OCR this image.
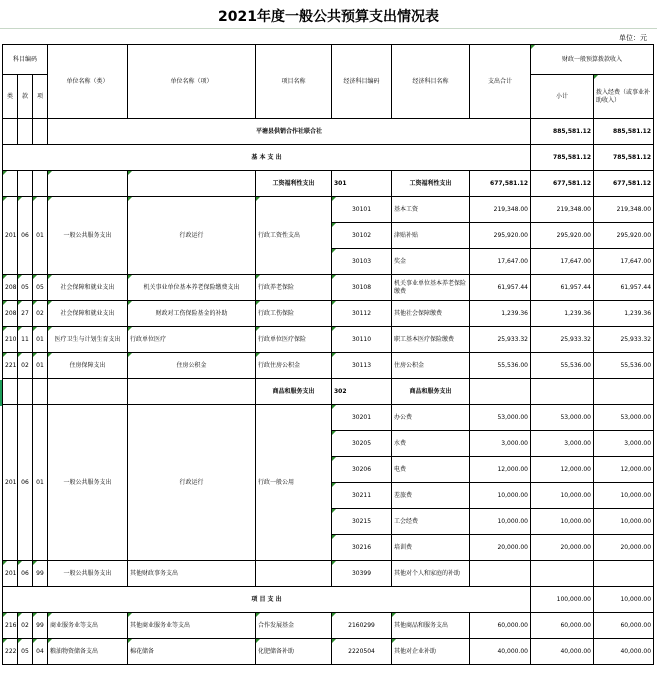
2021年度一般公共预算支出情况表
单位：元
科目编码			单位名称（类）	单位名称（项）	项目名称	经济科目编码	经济科目名称	支出合计	财政一般预算拨款收入		
类	款	项							小计	拨入经费（或事业补助收入）	
			平塘县供销合作社联合社						885,581.12	885,581.12	
基 本 支 出									785,581.12	785,581.12	
					工资福利性支出	301	工资福利性支出	677,581.12	677,581.12	677,581.12	
201	06	01	一般公共服务支出	行政运行	行政工资性支出	30101	基本工资	219,348.00	219,348.00	219,348.00	
						30102	津贴补贴	295,920.00	295,920.00	295,920.00	
						30103	奖金	17,647.00	17,647.00	17,647.00	
208	05	05	社会保障和就业支出	机关事业单位基本养老保险缴费支出	行政养老保险	30108	机关事业单位基本养老保险缴费	61,957.44	61,957.44	61,957.44	
208	27	02	社会保障和就业支出	财政对工伤保险基金的补助	行政工伤保险	30112	其他社会保障缴费	1,239.36	1,239.36	1,239.36	
210	11	01	医疗卫生与计划生育支出	行政单位医疗	行政单位医疗保险	30110	职工基本医疗保险缴费	25,933.32	25,933.32	25,933.32	
221	02	01	住房保障支出	住房公积金	行政住房公积金	30113	住房公积金	55,536.00	55,536.00	55,536.00	
					商品和服务支出	302	商品和服务支出				
201	06	01	一般公共服务支出	行政运行	行政一般公用	30201	办公费	53,000.00	53,000.00	53,000.00	
						30205	水费	3,000.00	3,000.00	3,000.00	
						30206	电费	12,000.00	12,000.00	12,000.00	
						30211	差旅费	10,000.00	10,000.00	10,000.00	
						30215	工会经费	10,000.00	10,000.00	10,000.00	
						30216	培训费	20,000.00	20,000.00	20,000.00	
201	06	99	一般公共服务支出	其他财政事务支出		30399	其他对个人和家庭的补助				
项 目 支 出									100,000.00	10,000.00	
216	02	99	商业服务业等支出	其他商业服务业等支出	合作发展基金	2160299	其他商品和服务支出	60,000.00	60,000.00	60,000.00	
222	05	04	粮油物资储备支出	棉花储备	化肥储备补助	2220504	其他对企业补助	40,000.00	40,000.00	40,000.00	
